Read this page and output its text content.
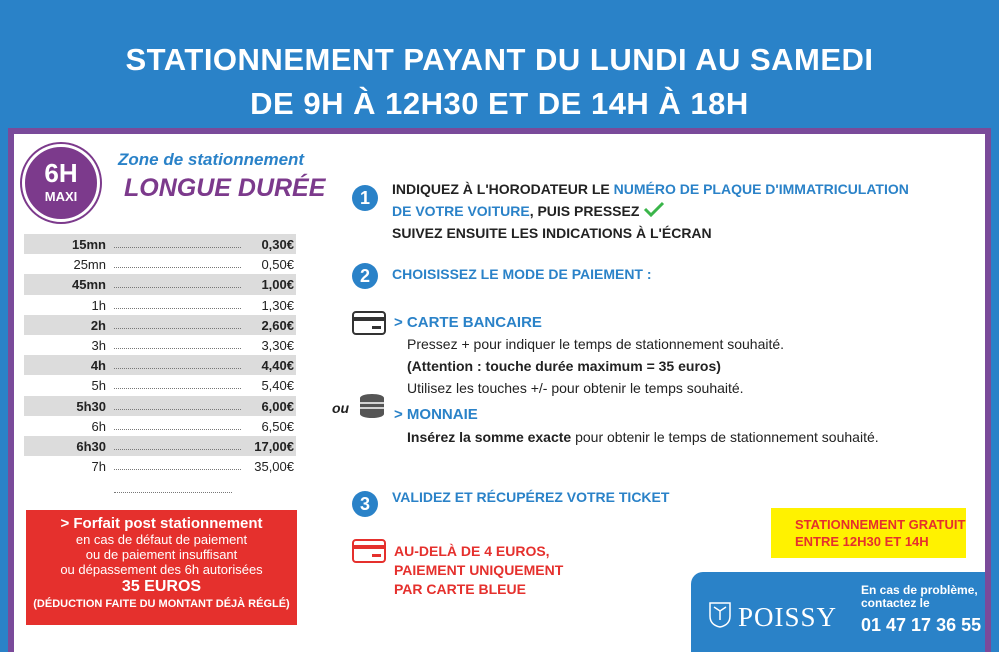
STATIONNEMENT PAYANT DU LUNDI AU SAMEDI
DE 9H À 12H30 ET DE 14H À 18H
6H
MAXI
Zone de stationnement
LONGUE DURÉE
15mn	0,30€
25mn	0,50€
45mn	1,00€
1h	1,30€
2h	2,60€
3h	3,30€
4h	4,40€
5h	5,40€
5h30	6,00€
6h	6,50€
6h30	17,00€
7h	35,00€
> Forfait post stationnement
en cas de défaut de paiement
ou de paiement insuffisant
ou dépassement des 6h autorisées
35 EUROS
(DÉDUCTION FAITE DU MONTANT DÉJÀ RÉGLÉ)
1	INDIQUEZ À L'HORODATEUR LE NUMÉRO DE PLAQUE D'IMMATRICULATION
DE VOTRE VOITURE, PUIS PRESSEZ
SUIVEZ ENSUITE LES INDICATIONS À L'ÉCRAN
2	CHOISISSEZ LE MODE DE PAIEMENT :
> CARTE BANCAIRE
Pressez + pour indiquer le temps de stationnement souhaité.
(Attention : touche durée maximum = 35 euros)
Utilisez les touches +/- pour obtenir le temps souhaité.
ou	> MONNAIE
Insérez la somme exacte pour obtenir le temps de stationnement souhaité.
3	VALIDEZ ET RÉCUPÉREZ VOTRE TICKET
AU-DELÀ DE 4 EUROS,
PAIEMENT UNIQUEMENT
PAR CARTE BLEUE
STATIONNEMENT GRATUIT
ENTRE 12H30 ET 14H
POISSY
En cas de problème,
contactez le
01 47 17 36 55
